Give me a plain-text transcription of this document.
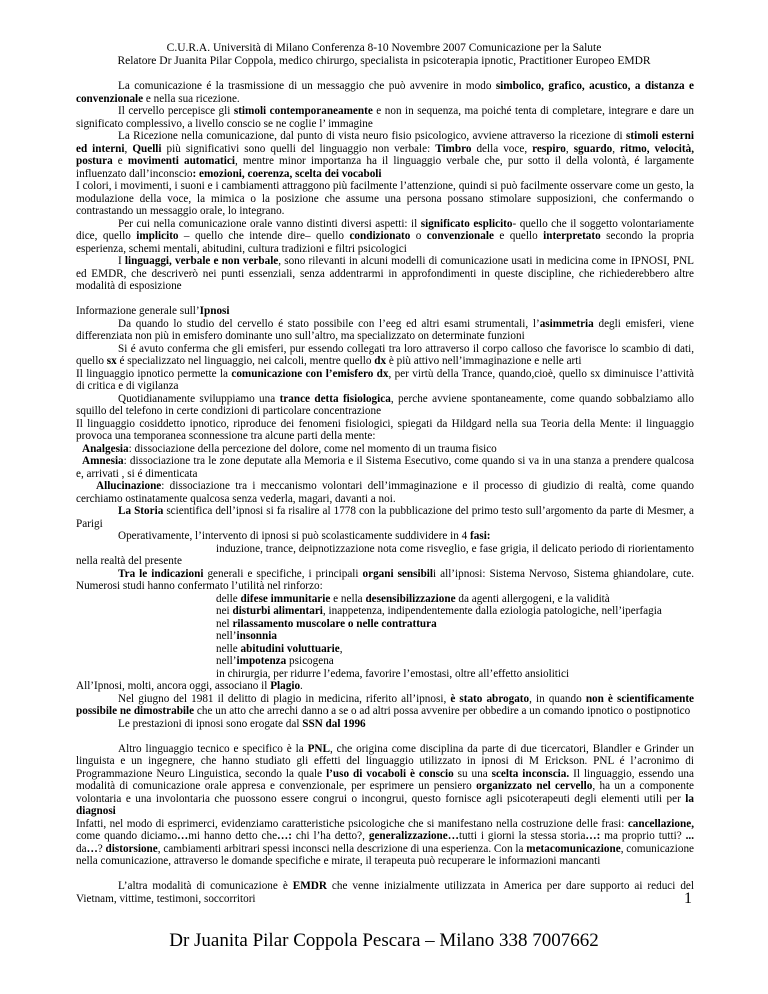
C.U.R.A. Università di Milano Conferenza 8-10 Novembre 2007 Comunicazione per la Salute
Relatore Dr Juanita Pilar Coppola, medico chirurgo, specialista in psicoterapia ipnotic, Practitioner Europeo EMDR

La comunicazione é la trasmissione di un messaggio che può avvenire in modo simbolico, grafico, acustico, a distanza e convenzionale e nella sua ricezione.

Il cervello percepisce gli stimoli contemporaneamente e non in sequenza, ma poiché tenta di completare, integrare e dare un significato complessivo, a livello conscio se ne coglie l’ immagine

La Ricezione nella comunicazione, dal punto di vista neuro fisio psicologico, avviene attraverso la ricezione di stimoli esterni ed interni, Quelli più significativi sono quelli del linguaggio non verbale: Timbro della voce, respiro, sguardo, ritmo, velocità, postura e movimenti automatici, mentre minor importanza ha il linguaggio verbale che, pur sotto il della volontà, é largamente influenzato dall’inconscio: emozioni, coerenza, scelta dei vocaboli

I colori, i movimenti, i suoni e i cambiamenti attraggono più facilmente l’attenzione, quindi si può facilmente osservare come un gesto, la modulazione della voce, la mimica o la posizione che assume una persona possano stimolare supposizioni, che confermando o contrastando un messaggio orale, lo integrano.

Per cui nella comunicazione orale vanno distinti diversi aspetti: il significato esplicito- quello che il soggetto volontariamente dice, quello implicito – quello che intende dire– quello condizionato o convenzionale e quello interpretato secondo la propria esperienza, schemi mentali, abitudini, cultura tradizioni e filtri psicologici

I linguaggi, verbale e non verbale, sono rilevanti in alcuni modelli di comunicazione usati in medicina come in IPNOSI, PNL ed EMDR, che descriverò nei punti essenziali, senza addentrarmi in approfondimenti in queste discipline, che richiederebbero altre modalità di esposizione

Informazione generale sull’Ipnosi

Da quando lo studio del cervello é stato possibile con l’eeg ed altri esami strumentali, l’asimmetria degli emisferi, viene differenziata non più in emisfero dominante uno sull’altro, ma specializzato on determinate funzioni

Si é avuto conferma che gli emisferi, pur essendo collegati tra loro attraverso il corpo calloso che favorisce lo scambio di dati, quello sx é specializzato nel linguaggio, nei calcoli, mentre quello dx è più attivo nell’immaginazione e nelle arti

Il linguaggio ipnotico permette la comunicazione con l’emisfero dx, per virtù della Trance, quando,cioè, quello sx diminuisce l’attività di critica e di vigilanza

Quotidianamente sviluppiamo una trance detta fisiologica, perche avviene spontaneamente, come quando sobbalziamo allo squillo del telefono in certe condizioni di particolare concentrazione

Il linguaggio cosiddetto ipnotico, riproduce dei fenomeni fisiologici, spiegati da Hildgard nella sua Teoria della Mente: il linguaggio provoca una temporanea sconnessione tra alcune parti della mente:

Analgesia: dissociazione della percezione del dolore, come nel momento di un trauma fisico

Amnesia: dissociazione tra le zone deputate alla Memoria e il Sistema Esecutivo, come quando si va in una stanza a prendere qualcosa e, arrivati , si é dimenticata

Allucinazione: dissociazione tra i meccanismo volontari dell’immaginazione e il processo di giudizio di realtà, come quando cerchiamo ostinatamente qualcosa senza vederla, magari, davanti a noi.

La Storia scientifica dell’ipnosi si fa risalire al 1778 con la pubblicazione del primo testo sull’argomento da parte di Mesmer, a Parigi

Operativamente, l’intervento di ipnosi si può scolasticamente suddividere in 4 fasi:

induzione, trance, deipnotizzazione nota come risveglio, e fase grigia, il delicato periodo di riorientamento nella realtà del presente

Tra le indicazioni generali e specifiche, i principali organi sensibili all’ipnosi: Sistema Nervoso, Sistema ghiandolare, cute. Numerosi studi hanno confermato l’utilità nel rinforzo:

delle difese immunitarie e nella desensibilizzazione da agenti allergogeni, e la validità

nei disturbi alimentari, inappetenza, indipendentemente dalla eziologia patologiche, nell’iperfagia

nel rilassamento muscolare o nelle contrattura

nell’insonnia

nelle abitudini voluttuarie,

nell’impotenza psicogena

in chirurgia, per ridurre l’edema, favorire l’emostasi, oltre all’effetto ansiolitici

All’Ipnosi, molti, ancora oggi, associano il Plagio.

Nel giugno del 1981 il delitto di plagio in medicina, riferito all’ipnosi, è stato abrogato, in quando non è scientificamente possibile ne dimostrabile che un atto che arrechi danno a se o ad altri possa avvenire per obbedire a un comando ipnotico o postipnotico

Le prestazioni di ipnosi sono erogate dal SSN dal 1996

Altro linguaggio tecnico e specifico è la PNL, che origina come disciplina da parte di due ticercatori, Blandler e Grinder un linguista e un ingegnere, che hanno studiato gli effetti del linguaggio utilizzato in ipnosi di M Erickson. PNL é l’acronimo di Programmazione Neuro Linguistica, secondo la quale l’uso di vocaboli è conscio su una scelta inconscia. Il linguaggio, essendo una modalità di comunicazione orale appresa e convenzionale, per esprimere un pensiero organizzato nel cervello, ha un a componente volontaria e una involontaria che puossono essere congrui o incongrui, questo fornisce agli psicoterapeuti degli elementi utili per la diagnosi

Infatti, nel modo di esprimerci, evidenziamo caratteristiche psicologiche che si manifestano nella costruzione delle frasi: cancellazione, come quando diciamo…mi hanno detto che…: chi l’ha detto?, generalizzazione…tutti i giorni la stessa storia…: ma proprio tutti? ... da…? distorsione, cambiamenti arbitrari spessi inconsci nella descrizione di una esperienza. Con la metacomunicazione, comunicazione nella comunicazione, attraverso le domande specifiche e mirate, il terapeuta può recuperare le informazioni mancanti

L’altra modalità di comunicazione è EMDR che venne inizialmente utilizzata in America per dare supporto ai reduci del Vietnam, vittime, testimoni, soccorritori	1
Dr Juanita Pilar Coppola Pescara – Milano 338 7007662
